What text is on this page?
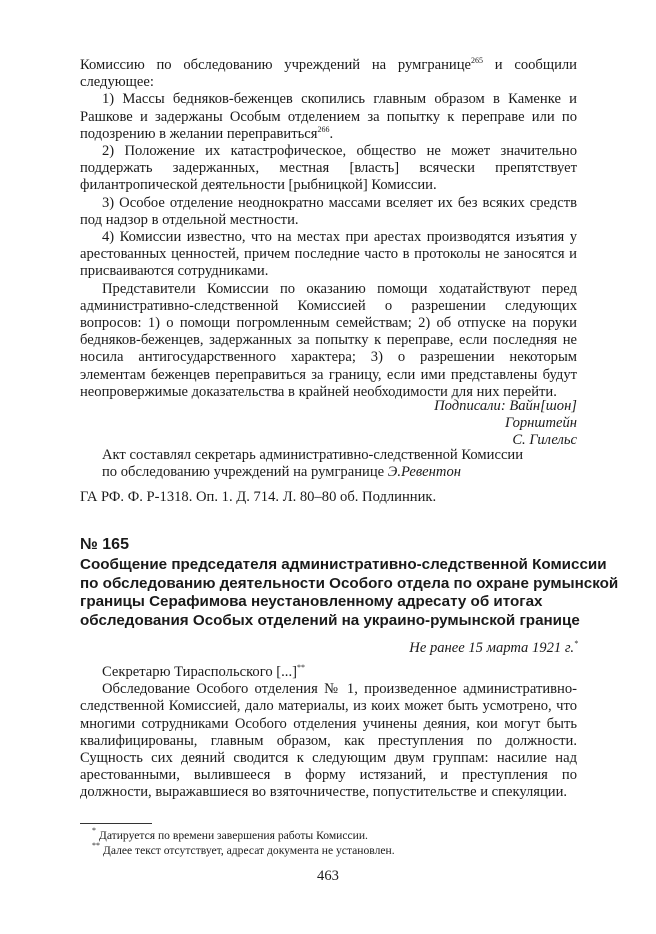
Комиссию по обследованию учреждений на румгранице$^{265}$ и сообщили следующее:

1) Массы бедняков-беженцев скопились главным образом в Каменке и Рашкове и задержаны Особым отделением за попытку к переправе или по подозрению в желании переправиться$^{266}$.

2) Положение их катастрофическое, общество не может значительно поддержать задержанных, местная [власть] всячески препятствует филантропической деятельности [рыбницкой] Комиссии.

3) Особое отделение неоднократно массами вселяет их без всяких средств под надзор в отдельной местности.

4) Комиссии известно, что на местах при арестах производятся изъятия у арестованных ценностей, причем последние часто в протоколы не заносятся и присваиваются сотрудниками.

Представители Комиссии по оказанию помощи ходатайствуют перед административно-следственной Комиссией о разрешении следующих вопросов: 1) о помощи погромленным семействам; 2) об отпуске на поруки бедняков-беженцев, задержанных за попытку к переправе, если последняя не носила антигосударственного характера; 3) о разрешении некоторым элементам беженцев переправиться за границу, если ими представлены будут неопровержимые доказательства в крайней необходимости для них перейти.

Подписали: Вайн[шон]
Горнштейн
С. Гилельс
Акт составлял секретарь административно-следственной Комиссии
по обследованию учреждений на румгранице Э.Ревентон
ГА РФ. Ф. Р-1318. Оп. 1. Д. 714. Л. 80–80 об. Подлинник.
№ 165
Сообщение председателя административно-следственной Комиссии
по обследованию деятельности Особого отдела по охране румынской
границы Серафимова неустановленному адресату об итогах
обследования Особых отделений на украино-румынской границе
Не ранее 15 марта 1921 г.*

Секретарю Тираспольского [...]**

Обследование Особого отделения № 1, произведенное административно-следственной Комиссией, дало материалы, из коих может быть усмотрено, что многими сотрудниками Особого отделения учинены деяния, кои могут быть квалифицированы, главным образом, как преступления по должности. Сущность сих деяний сводится к следующим двум группам: насилие над арестованными, вылившееся в форму истязаний, и преступления по должности, выражавшиеся во взяточничестве, попустительстве и спекуляции.

* Датируется по времени завершения работы Комиссии.
** Далее текст отсутствует, адресат документа не установлен.
463
